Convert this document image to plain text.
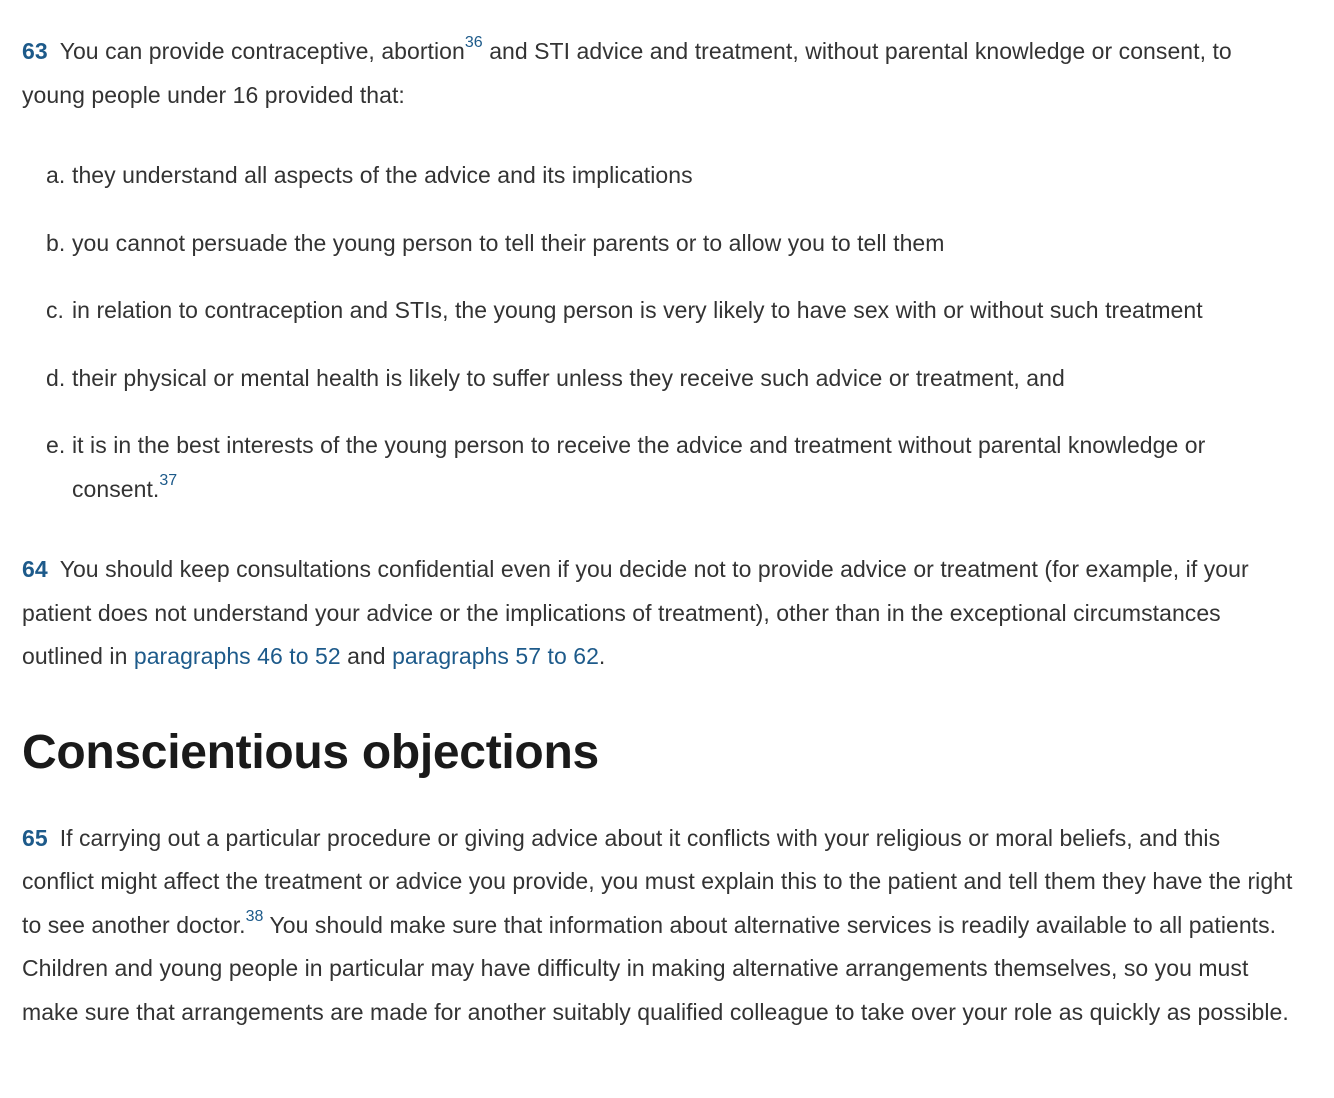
63 You can provide contraceptive, abortion$^{36}$ and STI advice and treatment, without parental knowledge or consent, to young people under 16 provided that:

a. they understand all aspects of the advice and its implications
b. you cannot persuade the young person to tell their parents or to allow you to tell them
c. in relation to contraception and STIs, the young person is very likely to have sex with or without such treatment
d. their physical or mental health is likely to suffer unless they receive such advice or treatment, and
e. it is in the best interests of the young person to receive the advice and treatment without parental knowledge or consent.$^{37}$

64 You should keep consultations confidential even if you decide not to provide advice or treatment (for example, if your patient does not understand your advice or the implications of treatment), other than in the exceptional circumstances outlined in paragraphs 46 to 52 and paragraphs 57 to 62.

Conscientious objections

65 If carrying out a particular procedure or giving advice about it conflicts with your religious or moral beliefs, and this conflict might affect the treatment or advice you provide, you must explain this to the patient and tell them they have the right to see another doctor.$^{38}$ You should make sure that information about alternative services is readily available to all patients. Children and young people in particular may have difficulty in making alternative arrangements themselves, so you must make sure that arrangements are made for another suitably qualified colleague to take over your role as quickly as possible.
